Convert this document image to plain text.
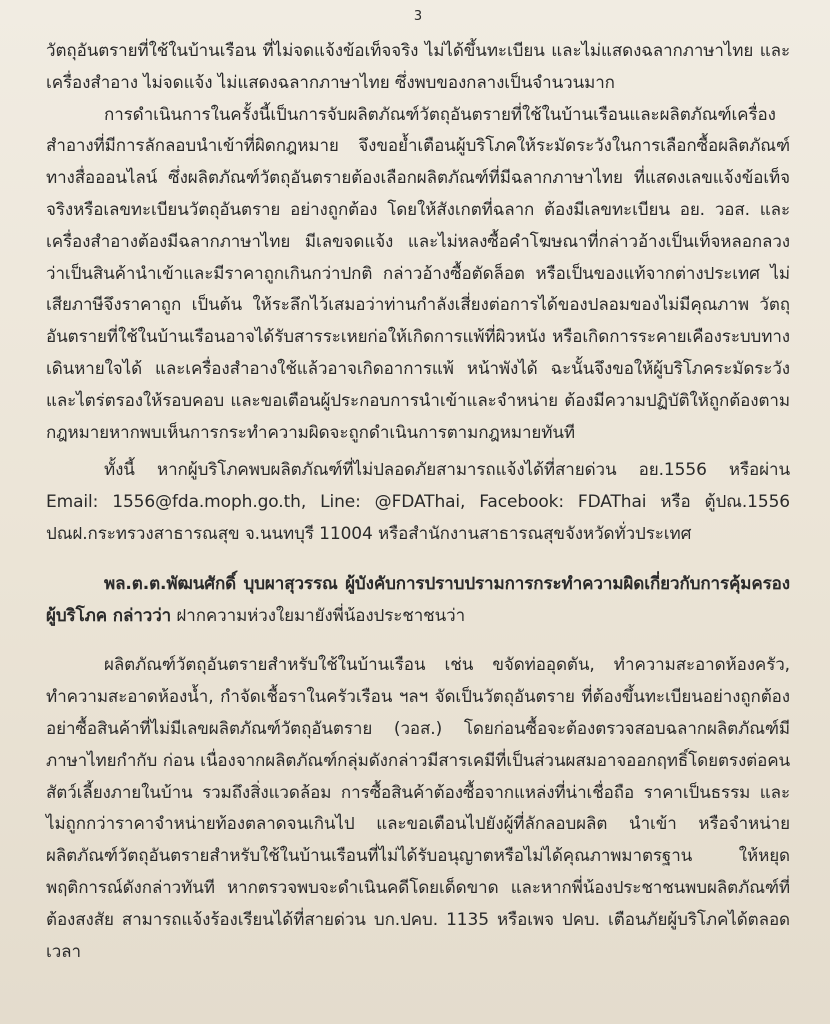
3

วัตถุอันตรายที่ใช้ในบ้านเรือน ที่ไม่จดแจ้งข้อเท็จจริง ไม่ได้ขึ้นทะเบียน และไม่แสดงฉลากภาษาไทย และเครื่องสำอาง ไม่จดแจ้ง ไม่แสดงฉลากภาษาไทย ซึ่งพบของกลางเป็นจำนวนมาก

การดำเนินการในครั้งนี้เป็นการจับผลิตภัณฑ์วัตถุอันตรายที่ใช้ในบ้านเรือนและผลิตภัณฑ์เครื่องสำอางที่มีการลักลอบนำเข้าที่ผิดกฎหมาย จึงขอย้ำเตือนผู้บริโภคให้ระมัดระวังในการเลือกซื้อผลิตภัณฑ์ทางสื่อออนไลน์ ซึ่งผลิตภัณฑ์วัตถุอันตรายต้องเลือกผลิตภัณฑ์ที่มีฉลากภาษาไทย ที่แสดงเลขแจ้งข้อเท็จจริงหรือเลขทะเบียนวัตถุอันตราย อย่างถูกต้อง โดยให้สังเกตที่ฉลาก ต้องมีเลขทะเบียน อย. วอส. และเครื่องสำอางต้องมีฉลากภาษาไทย มีเลขจดแจ้ง และไม่หลงซื้อคำโฆษณาที่กล่าวอ้างเป็นเท็จหลอกลวงว่าเป็นสินค้านำเข้าและมีราคาถูกเกินกว่าปกติ กล่าวอ้างซื้อตัดล็อต หรือเป็นของแท้จากต่างประเทศ ไม่เสียภาษีจึงราคาถูก เป็นต้น ให้ระลึกไว้เสมอว่าท่านกำลังเสี่ยงต่อการได้ของปลอมของไม่มีคุณภาพ วัตถุอันตรายที่ใช้ในบ้านเรือนอาจได้รับสารระเหยก่อให้เกิดการแพ้ที่ผิวหนัง หรือเกิดการระคายเคืองระบบทางเดินหายใจได้ และเครื่องสำอางใช้แล้วอาจเกิดอาการแพ้ หน้าพังได้ ฉะนั้นจึงขอให้ผู้บริโภคระมัดระวังและไตร่ตรองให้รอบคอบ และขอเตือนผู้ประกอบการนำเข้าและจำหน่าย ต้องมีความปฏิบัติให้ถูกต้องตามกฎหมายหากพบเห็นการกระทำความผิดจะถูกดำเนินการตามกฎหมายทันที

ทั้งนี้ หากผู้บริโภคพบผลิตภัณฑ์ที่ไม่ปลอดภัยสามารถแจ้งได้ที่สายด่วน อย.1556 หรือผ่าน Email: 1556@fda.moph.go.th, Line: @FDAThai, Facebook: FDAThai หรือ ตู้ปณ.1556 ปณฝ.กระทรวงสาธารณสุข จ.นนทบุรี 11004 หรือสำนักงานสาธารณสุขจังหวัดทั่วประเทศ

พล.ต.ต.พัฒนศักดิ์ บุบผาสุวรรณ ผู้บังคับการปราบปรามการกระทำความผิดเกี่ยวกับการคุ้มครองผู้บริโภค กล่าวว่า ฝากความห่วงใยมายังพี่น้องประชาชนว่า

ผลิตภัณฑ์วัตถุอันตรายสำหรับใช้ในบ้านเรือน เช่น ขจัดท่ออุดตัน, ทำความสะอาดห้องครัว, ทำความสะอาดห้องน้ำ, กำจัดเชื้อราในครัวเรือน ฯลฯ จัดเป็นวัตถุอันตราย ที่ต้องขึ้นทะเบียนอย่างถูกต้อง อย่าซื้อสินค้าที่ไม่มีเลขผลิตภัณฑ์วัตถุอันตราย (วอส.) โดยก่อนซื้อจะต้องตรวจสอบฉลากผลิตภัณฑ์มีภาษาไทยกำกับ ก่อน เนื่องจากผลิตภัณฑ์กลุ่มดังกล่าวมีสารเคมีที่เป็นส่วนผสมอาจออกฤทธิ์โดยตรงต่อคน สัตว์เลี้ยงภายในบ้าน รวมถึงสิ่งแวดล้อม การซื้อสินค้าต้องซื้อจากแหล่งที่น่าเชื่อถือ ราคาเป็นธรรม และไม่ถูกกว่าราคาจำหน่ายท้องตลาดจนเกินไป และขอเตือนไปยังผู้ที่ลักลอบผลิต นำเข้า หรือจำหน่าย ผลิตภัณฑ์วัตถุอันตรายสำหรับใช้ในบ้านเรือนที่ไม่ได้รับอนุญาตหรือไม่ได้คุณภาพมาตรฐาน ให้หยุดพฤติการณ์ดังกล่าวทันที หากตรวจพบจะดำเนินคดีโดยเด็ดขาด และหากพี่น้องประชาชนพบผลิตภัณฑ์ที่ต้องสงสัย สามารถแจ้งร้องเรียนได้ที่สายด่วน บก.ปคบ. 1135 หรือเพจ ปคบ. เตือนภัยผู้บริโภคได้ตลอดเวลา
